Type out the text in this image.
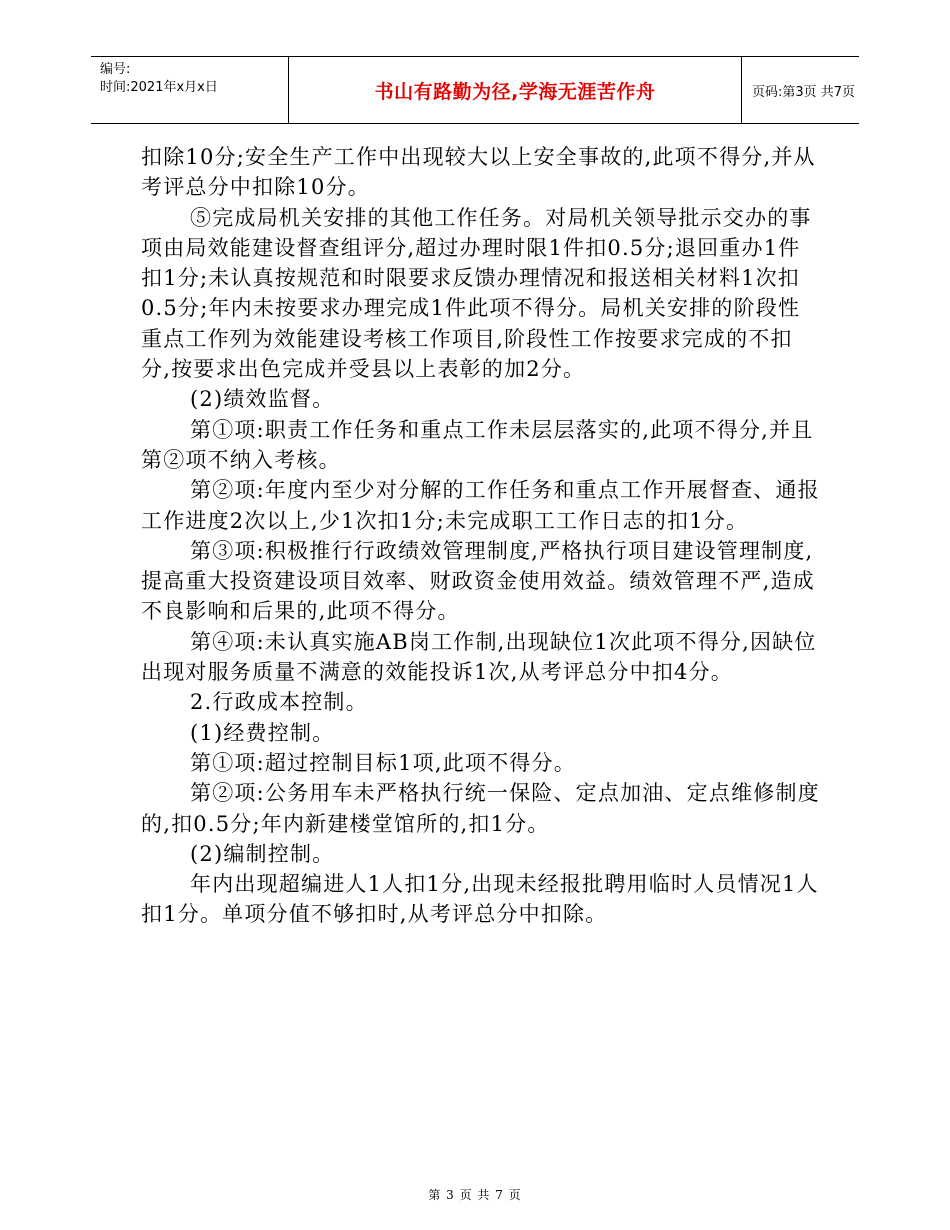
编号:
时间:2021年x月x日	书山有路勤为径,学海无涯苦作舟	页码:第3页 共7页

扣除10分;安全生产工作中出现较大以上安全事故的,此项不得分,并从考评总分中扣除10分。

⑤完成局机关安排的其他工作任务。对局机关领导批示交办的事项由局效能建设督查组评分,超过办理时限1件扣0.5分;退回重办1件扣1分;未认真按规范和时限要求反馈办理情况和报送相关材料1次扣0.5分;年内未按要求办理完成1件此项不得分。局机关安排的阶段性重点工作列为效能建设考核工作项目,阶段性工作按要求完成的不扣分,按要求出色完成并受县以上表彰的加2分。

(2)绩效监督。

第①项:职责工作任务和重点工作未层层落实的,此项不得分,并且第②项不纳入考核。

第②项:年度内至少对分解的工作任务和重点工作开展督查、通报工作进度2次以上,少1次扣1分;未完成职工工作日志的扣1分。

第③项:积极推行行政绩效管理制度,严格执行项目建设管理制度,提高重大投资建设项目效率、财政资金使用效益。绩效管理不严,造成不良影响和后果的,此项不得分。

第④项:未认真实施AB岗工作制,出现缺位1次此项不得分,因缺位出现对服务质量不满意的效能投诉1次,从考评总分中扣4分。

2.行政成本控制。

(1)经费控制。

第①项:超过控制目标1项,此项不得分。

第②项:公务用车未严格执行统一保险、定点加油、定点维修制度的,扣0.5分;年内新建楼堂馆所的,扣1分。

(2)编制控制。

年内出现超编进人1人扣1分,出现未经报批聘用临时人员情况1人扣1分。单项分值不够扣时,从考评总分中扣除。

第 3 页 共 7 页
